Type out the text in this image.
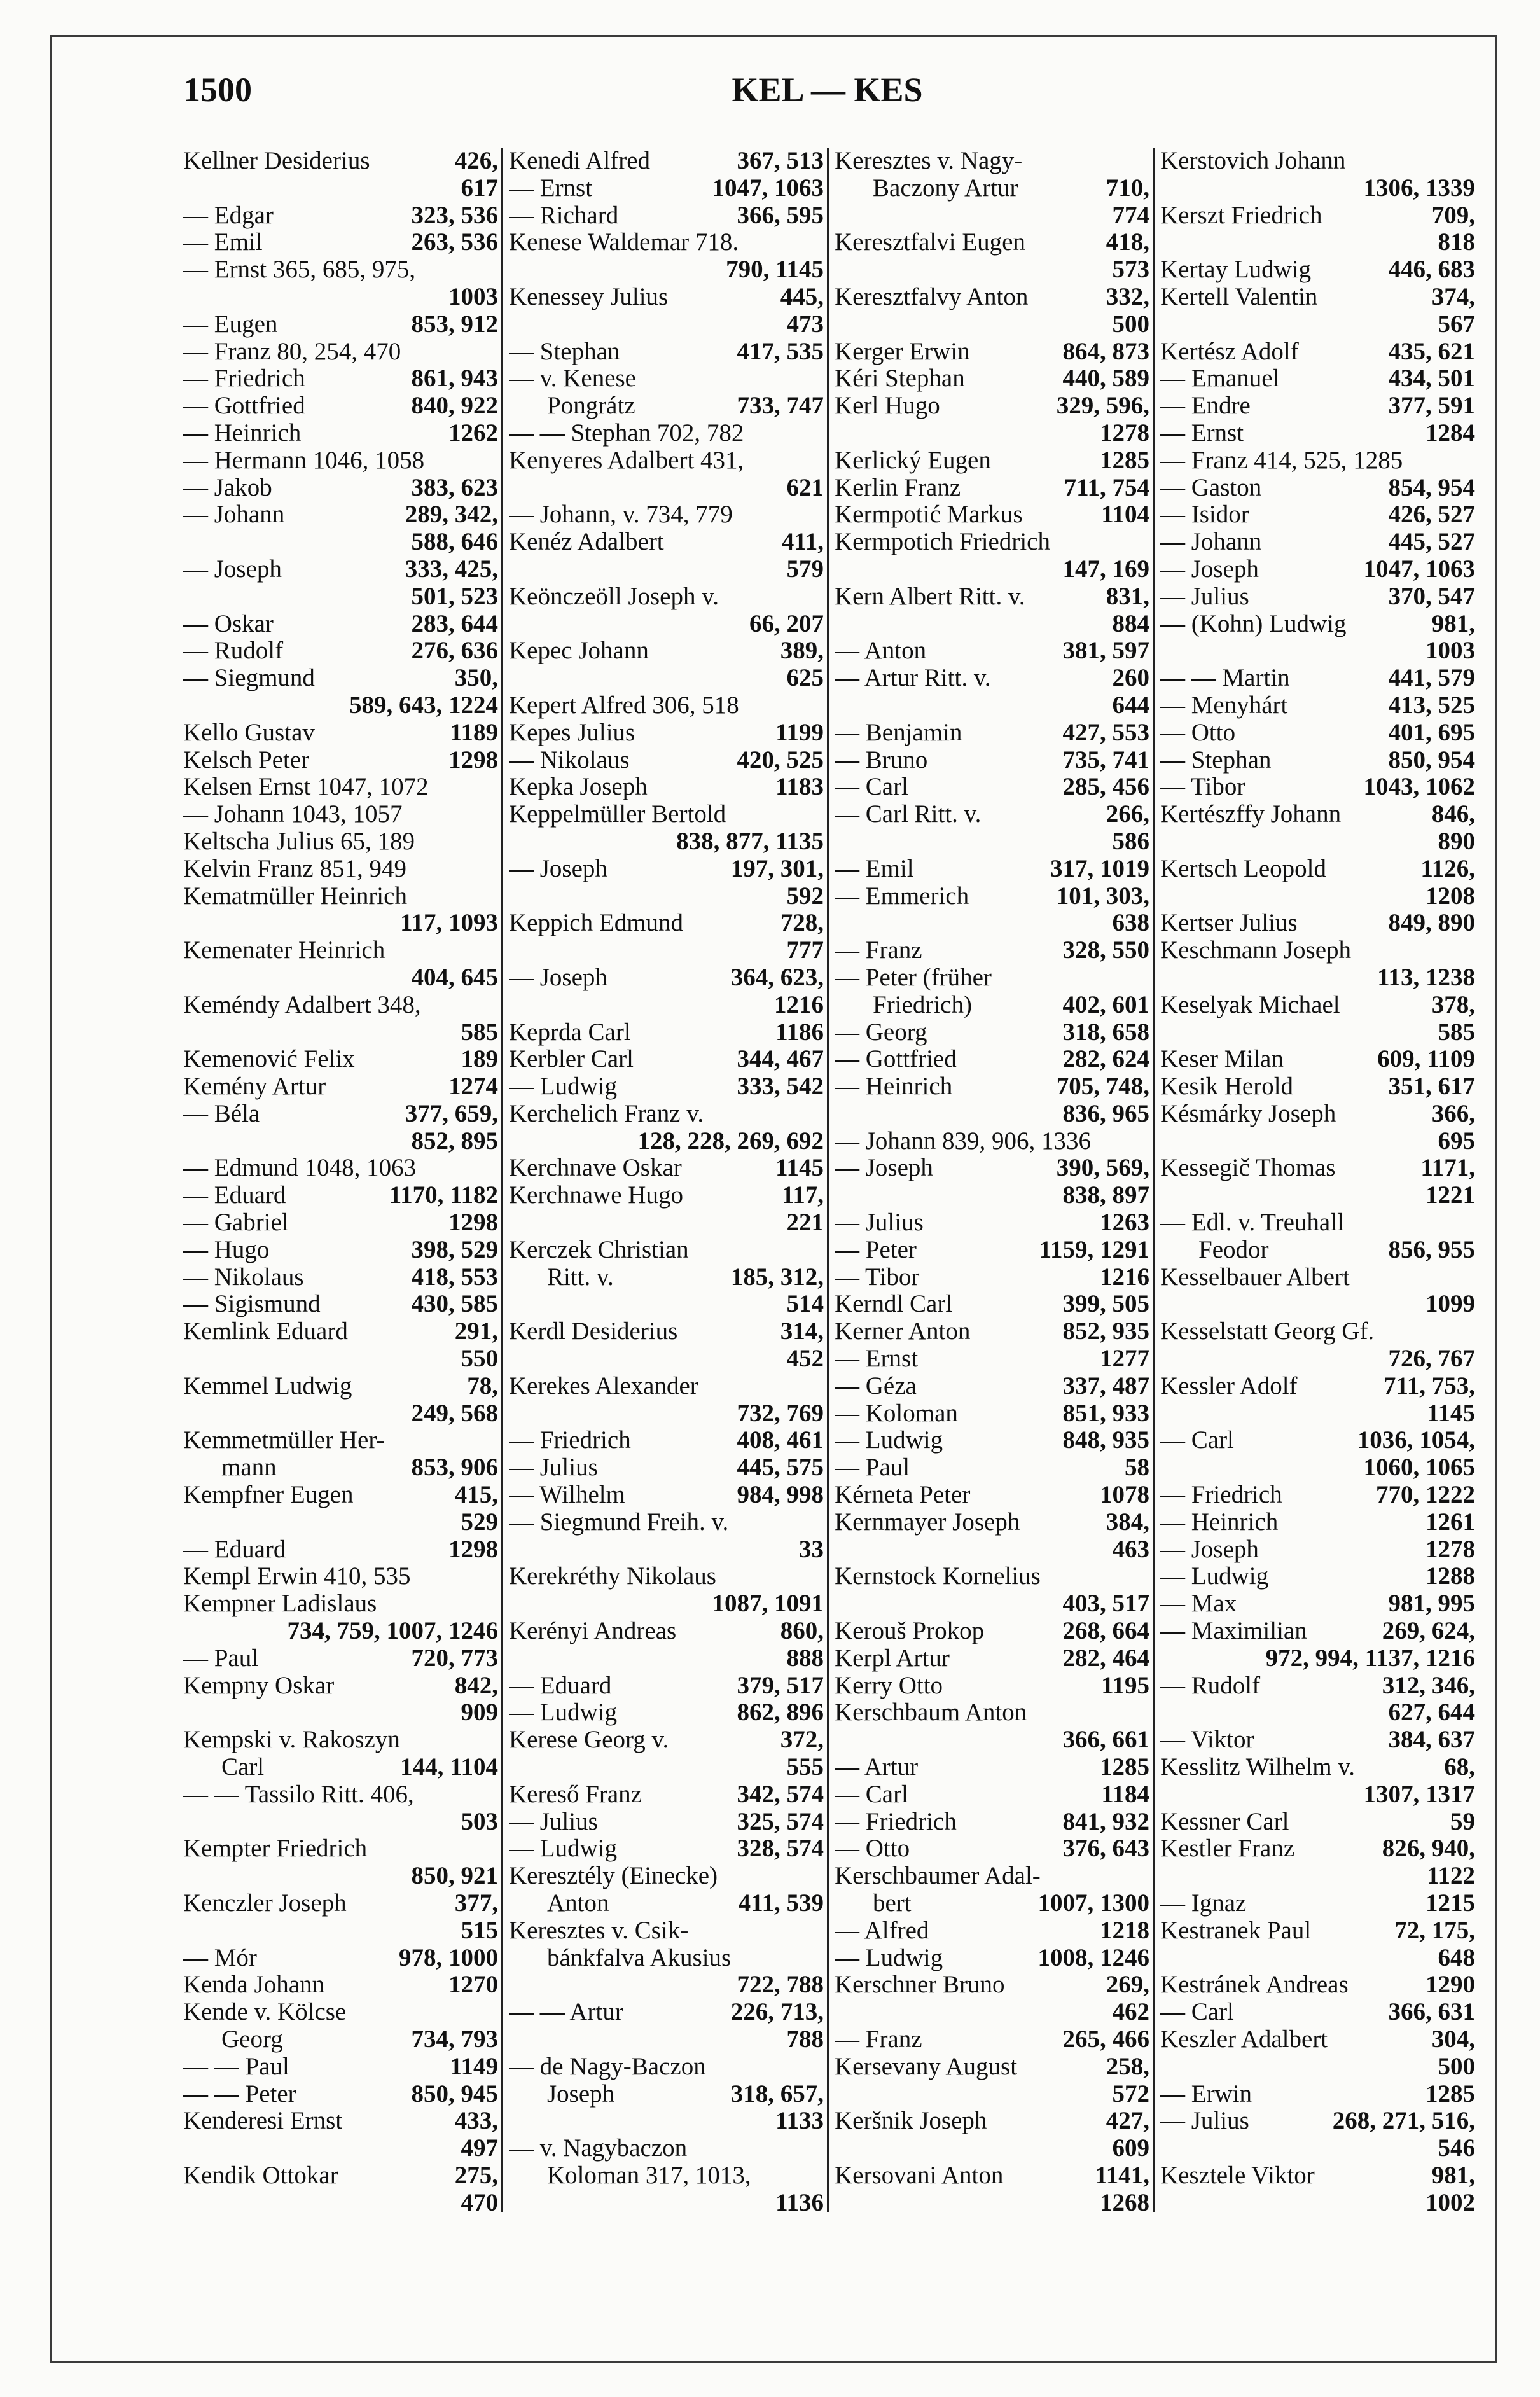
1500	KEL — KES
Kellner Desiderius	426,
617
— Edgar	323, 536
— Emil	263, 536
— Ernst 365, 685, 975,
1003
— Eugen	853, 912
— Franz 80, 254, 470
— Friedrich	861, 943
— Gottfried	840, 922
— Heinrich	1262
— Hermann 1046, 1058
— Jakob	383, 623
— Johann	289, 342,
588, 646
— Joseph	333, 425,
501, 523
— Oskar	283, 644
— Rudolf	276, 636
— Siegmund	350,
589, 643, 1224
Kello Gustav	1189
Kelsch Peter	1298
Kelsen Ernst 1047, 1072
— Johann 1043, 1057
Keltscha Julius 65, 189
Kelvin Franz 851, 949
Kematmüller Heinrich
117, 1093
Kemenater Heinrich
404, 645
Keméndy Adalbert 348,
585
Kemenović Felix	189
Kemény Artur	1274
— Béla	377, 659,
852, 895
— Edmund 1048, 1063
— Eduard	1170, 1182
— Gabriel	1298
— Hugo	398, 529
— Nikolaus	418, 553
— Sigismund	430, 585
Kemlink Eduard	291,
550
Kemmel Ludwig	78,
249, 568
Kemmetmüller Her-
mann	853, 906
Kempfner Eugen	415,
529
— Eduard	1298
Kempl Erwin 410, 535
Kempner Ladislaus
734, 759, 1007, 1246
— Paul	720, 773
Kempny Oskar	842,
909
Kempski v. Rakoszyn
Carl	144, 1104
— — Tassilo Ritt. 406,
503
Kempter Friedrich
850, 921
Kenczler Joseph	377,
515
— Mór	978, 1000
Kenda Johann	1270
Kende v. Kölcse
Georg	734, 793
— — Paul	1149
— — Peter	850, 945
Kenderesi Ernst	433,
497
Kendik Ottokar	275,
470
Kenedi Alfred	367, 513
— Ernst	1047, 1063
— Richard	366, 595
Kenese Waldemar 718.
790, 1145
Kenessey Julius	445,
473
— Stephan	417, 535
— v. Kenese
Pongrátz	733, 747
— — Stephan 702, 782
Kenyeres Adalbert 431,
621
— Johann, v. 734, 779
Kenéz Adalbert	411,
579
Keönczeöll Joseph v.
66, 207
Kepec Johann	389,
625
Kepert Alfred 306, 518
Kepes Julius	1199
— Nikolaus	420, 525
Kepka Joseph	1183
Keppelmüller Bertold
838, 877, 1135
— Joseph	197, 301,
592
Keppich Edmund	728,
777
— Joseph	364, 623,
1216
Keprda Carl	1186
Kerbler Carl	344, 467
— Ludwig	333, 542
Kerchelich Franz v.
128, 228, 269, 692
Kerchnave Oskar	1145
Kerchnawe Hugo	117,
221
Kerczek Christian
Ritt. v.	185, 312,
514
Kerdl Desiderius	314,
452
Kerekes Alexander
732, 769
— Friedrich	408, 461
— Julius	445, 575
— Wilhelm	984, 998
— Siegmund Freih. v.
33
Kerekréthy Nikolaus
1087, 1091
Kerényi Andreas	860,
888
— Eduard	379, 517
— Ludwig	862, 896
Kerese Georg v.	372,
555
Kereső Franz	342, 574
— Julius	325, 574
— Ludwig	328, 574
Keresztély (Einecke)
Anton	411, 539
Keresztes v. Csik-
bánkfalva Akusius
722, 788
— — Artur	226, 713,
788
— de Nagy-Baczon
Joseph	318, 657,
1133
— v. Nagybaczon
Koloman 317, 1013,
1136
Keresztes v. Nagy-
Baczony Artur	710,
774
Keresztfalvi Eugen	418,
573
Keresztfalvy Anton	332,
500
Kerger Erwin	864, 873
Kéri Stephan	440, 589
Kerl Hugo	329, 596,
1278
Kerlický Eugen	1285
Kerlin Franz	711, 754
Kermpotić Markus	1104
Kermpotich Friedrich
147, 169
Kern Albert Ritt. v.	831,
884
— Anton	381, 597
— Artur Ritt. v.	260
644
— Benjamin	427, 553
— Bruno	735, 741
— Carl	285, 456
— Carl Ritt. v.	266,
586
— Emil	317, 1019
— Emmerich	101, 303,
638
— Franz	328, 550
— Peter (früher
Friedrich)	402, 601
— Georg	318, 658
— Gottfried	282, 624
— Heinrich	705, 748,
836, 965
— Johann 839, 906, 1336
— Joseph	390, 569,
838, 897
— Julius	1263
— Peter	1159, 1291
— Tibor	1216
Kerndl Carl	399, 505
Kerner Anton	852, 935
— Ernst	1277
— Géza	337, 487
— Koloman	851, 933
— Ludwig	848, 935
— Paul	58
Kérneta Peter	1078
Kernmayer Joseph	384,
463
Kernstock Kornelius
403, 517
Kerouš Prokop	268, 664
Kerpl Artur	282, 464
Kerry Otto	1195
Kerschbaum Anton
366, 661
— Artur	1285
— Carl	1184
— Friedrich	841, 932
— Otto	376, 643
Kerschbaumer Adal-
bert	1007, 1300
— Alfred	1218
— Ludwig	1008, 1246
Kerschner Bruno	269,
462
— Franz	265, 466
Kersevany August	258,
572
Keršnik Joseph	427,
609
Kersovani Anton	1141,
1268
Kerstovich Johann
1306, 1339
Kerszt Friedrich	709,
818
Kertay Ludwig	446, 683
Kertell Valentin	374,
567
Kertész Adolf	435, 621
— Emanuel	434, 501
— Endre	377, 591
— Ernst	1284
— Franz 414, 525, 1285
— Gaston	854, 954
— Isidor	426, 527
— Johann	445, 527
— Joseph	1047, 1063
— Julius	370, 547
— (Kohn) Ludwig	981,
1003
— — Martin	441, 579
— Menyhárt	413, 525
— Otto	401, 695
— Stephan	850, 954
— Tibor	1043, 1062
Kertészffy Johann	846,
890
Kertsch Leopold	1126,
1208
Kertser Julius	849, 890
Keschmann Joseph
113, 1238
Keselyak Michael	378,
585
Keser Milan	609, 1109
Kesik Herold	351, 617
Késmárky Joseph	366,
695
Kessegič Thomas	1171,
1221
— Edl. v. Treuhall
Feodor	856, 955
Kesselbauer Albert
1099
Kesselstatt Georg Gf.
726, 767
Kessler Adolf	711, 753,
1145
— Carl	1036, 1054,
1060, 1065
— Friedrich	770, 1222
— Heinrich	1261
— Joseph	1278
— Ludwig	1288
— Max	981, 995
— Maximilian	269, 624,
972, 994, 1137, 1216
— Rudolf	312, 346,
627, 644
— Viktor	384, 637
Kesslitz Wilhelm v.	68,
1307, 1317
Kessner Carl	59
Kestler Franz	826, 940,
1122
— Ignaz	1215
Kestranek Paul	72, 175,
648
Kestránek Andreas	1290
— Carl	366, 631
Keszler Adalbert	304,
500
— Erwin	1285
— Julius	268, 271, 516,
546
Kesztele Viktor	981,
1002
